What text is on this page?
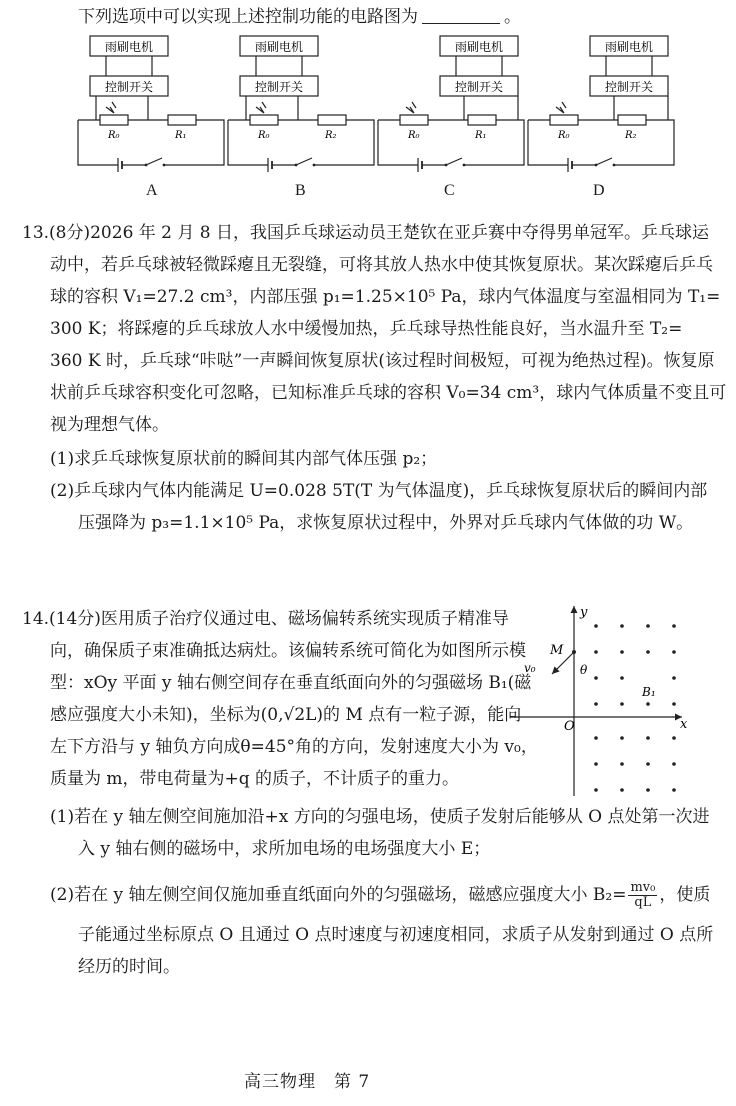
下列选项中可以实现上述控制功能的电路图为	。
雨刷电机
控制开关
R₀	R₁
雨刷电机
控制开关
R₀	R₂
雨刷电机
控制开关
R₀	R₁
雨刷电机
控制开关
R₀	R₂
A	B	C	D
13.(8分)2026 年 2 月 8 日，我国乒乓球运动员王楚钦在亚乒赛中夺得男单冠军。乒乓球运
动中，若乒乓球被轻微踩瘪且无裂缝，可将其放人热水中使其恢复原状。某次踩瘪后乒乓
球的容积 V₁=27.2 cm³，内部压强 p₁=1.25×10⁵ Pa，球内气体温度与室温相同为 T₁=
300 K；将踩瘪的乒乓球放人水中缓慢加热，乒乓球导热性能良好，当水温升至 T₂=
360 K 时，乒乓球“咔哒”一声瞬间恢复原状(该过程时间极短，可视为绝热过程)。恢复原
状前乒乓球容积变化可忽略，已知标准乒乓球的容积 V₀=34 cm³，球内气体质量不变且可
视为理想气体。
(1)求乒乓球恢复原状前的瞬间其内部气体压强 p₂；
(2)乒乓球内气体内能满足 U=0.028 5T(T 为气体温度)，乒乓球恢复原状后的瞬间内部
压强降为 p₃=1.1×10⁵ Pa，求恢复原状过程中，外界对乒乓球内气体做的功 W。
14.(14分)医用质子治疗仪通过电、磁场偏转系统实现质子精准导
向，确保质子束准确抵达病灶。该偏转系统可简化为如图所示模
型：xOy 平面 y 轴右侧空间存在垂直纸面向外的匀强磁场 B₁(磁
感应强度大小未知)，坐标为(0,√2L)的 M 点有一粒子源，能向
左下方沿与 y 轴负方向成θ=45°角的方向，发射速度大小为 v₀，
质量为 m，带电荷量为+q 的质子，不计质子的重力。
(1)若在 y 轴左侧空间施加沿+x 方向的匀强电场，使质子发射后能够从 O 点处第一次进
入 y 轴右侧的磁场中，求所加电场的电场强度大小 E；
(2)若在 y 轴左侧空间仅施加垂直纸面向外的匀强磁场，磁感应强度大小 $B_2= \frac{\text{mv₀}}{qL}$ ，使质
子能通过坐标原点 O 且通过 O 点时速度与初速度相同，求质子从发射到通过 O 点所
经历的时间。
y
x
O
M
v₀	θ
B₁
高三物理　第 7
